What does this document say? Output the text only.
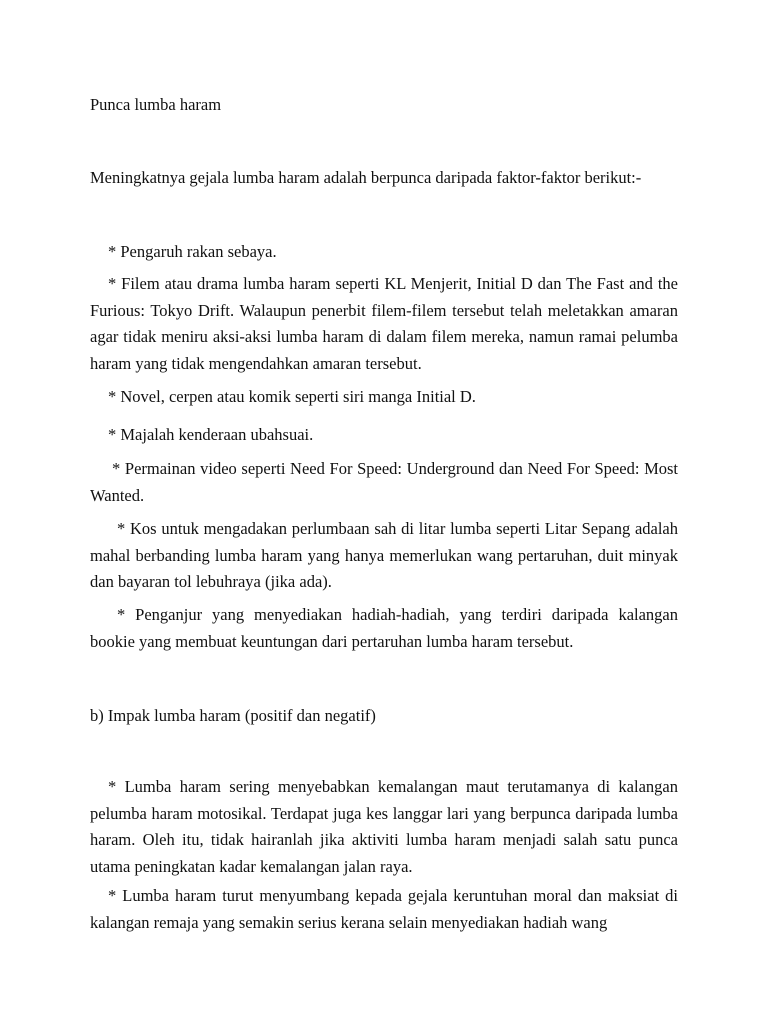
Punca lumba haram
Meningkatnya gejala lumba haram adalah berpunca daripada faktor-faktor berikut:-
* Pengaruh rakan sebaya.
* Filem atau drama lumba haram seperti KL Menjerit, Initial D dan The Fast and the Furious: Tokyo Drift. Walaupun penerbit filem-filem tersebut telah meletakkan amaran agar tidak meniru aksi-aksi lumba haram di dalam filem mereka, namun ramai pelumba haram yang tidak mengendahkan amaran tersebut.
* Novel, cerpen atau komik seperti siri manga Initial D.
* Majalah kenderaan ubahsuai.
* Permainan video seperti Need For Speed: Underground dan Need For Speed: Most Wanted.
* Kos untuk mengadakan perlumbaan sah di litar lumba seperti Litar Sepang adalah mahal berbanding lumba haram yang hanya memerlukan wang pertaruhan, duit minyak dan bayaran tol lebuhraya (jika ada).
* Penganjur yang menyediakan hadiah-hadiah, yang terdiri daripada kalangan bookie yang membuat keuntungan dari pertaruhan lumba haram tersebut.
b) Impak lumba haram (positif dan negatif)
* Lumba haram sering menyebabkan kemalangan maut terutamanya di kalangan pelumba haram motosikal. Terdapat juga kes langgar lari yang berpunca daripada lumba haram. Oleh itu, tidak hairanlah jika aktiviti lumba haram menjadi salah satu punca utama peningkatan kadar kemalangan jalan raya.
* Lumba haram turut menyumbang kepada gejala keruntuhan moral dan maksiat di kalangan remaja yang semakin serius kerana selain menyediakan hadiah wang
